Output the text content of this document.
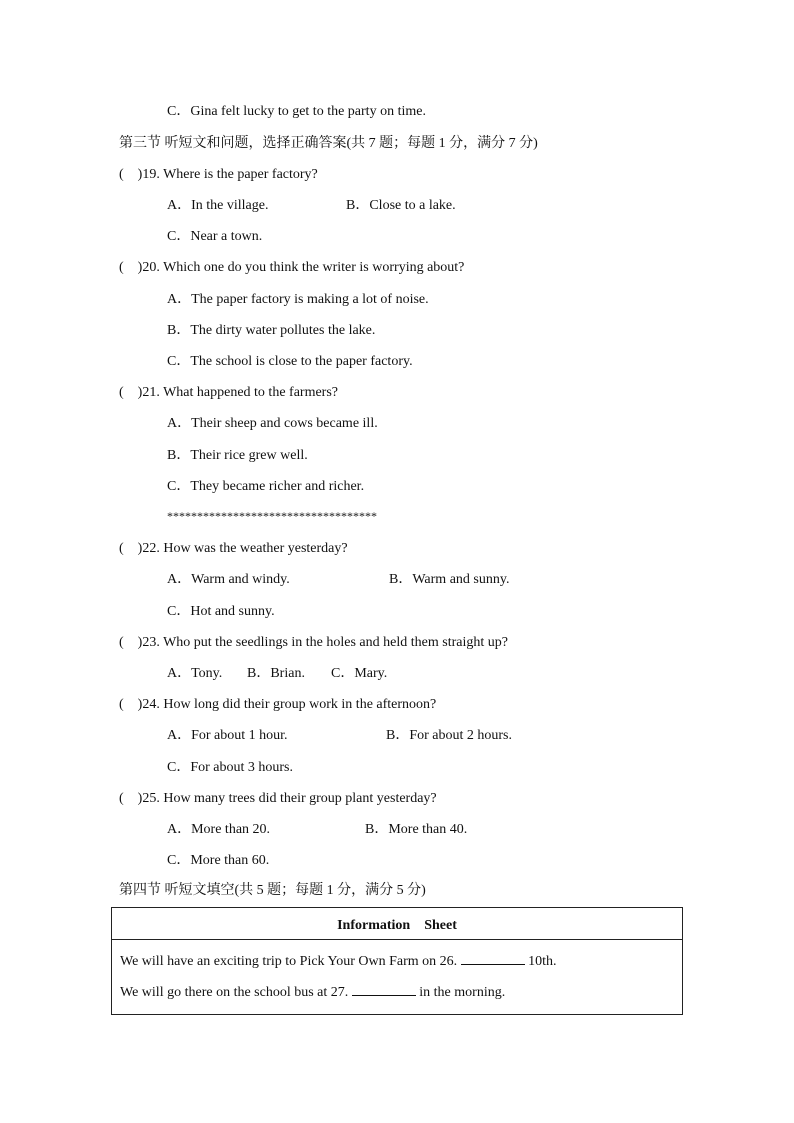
C．Gina felt lucky to get to the party on time.
第三节 听短文和问题，选择正确答案(共 7 题；每题 1 分，满分 7 分)
(　)19. Where is the paper factory?
A．In the village.	B．Close to a lake.
C．Near a town.
(　)20. Which one do you think the writer is worrying about?
A．The paper factory is making a lot of noise.
B．The dirty water pollutes the lake.
C．The school is close to the paper factory.
(　)21. What happened to the farmers?
A．Their sheep and cows became ill.
B．Their rice grew well.
C．They became richer and richer.
***********************************
(　)22. How was the weather yesterday?
A．Warm and windy.	B．Warm and sunny.
C．Hot and sunny.
(　)23. Who put the seedlings in the holes and held them straight up?
A．Tony. B．Brian. C．Mary.
(　)24. How long did their group work in the afternoon?
A．For about 1 hour.	B．For about 2 hours.
C．For about 3 hours.
(　)25. How many trees did their group plant yesterday?
A．More than 20.	B．More than 40.
C．More than 60.
第四节 听短文填空(共 5 题；每题 1 分，满分 5 分)
Information　Sheet

We will have an exciting trip to Pick Your Own Farm on 26.	10th.
We will go there on the school bus at 27.	in the morning.
